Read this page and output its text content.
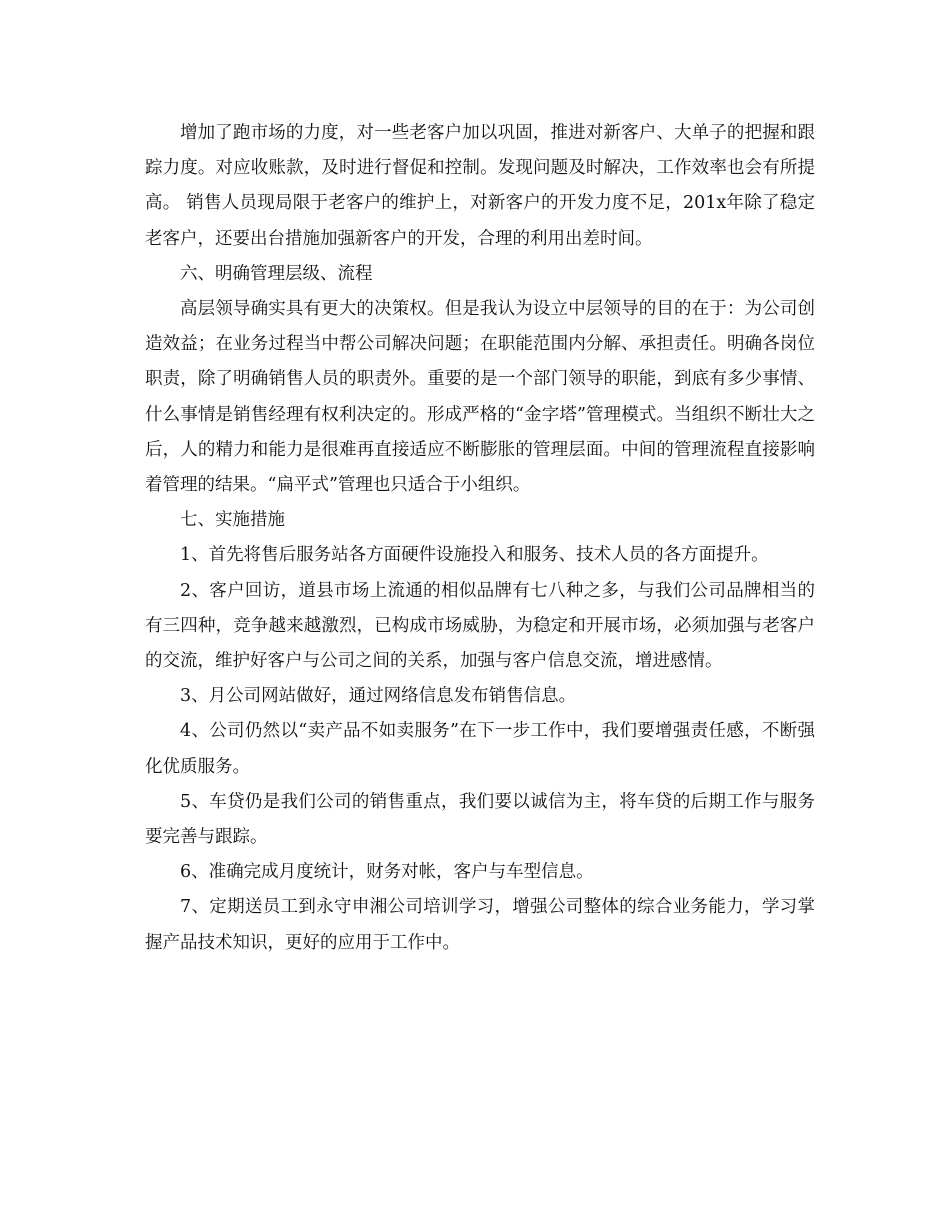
增加了跑市场的力度，对一些老客户加以巩固，推进对新客户、大单子的把握和跟踪力度。对应收账款，及时进行督促和控制。发现问题及时解决，工作效率也会有所提高。 销售人员现局限于老客户的维护上，对新客户的开发力度不足，201x年除了稳定老客户，还要出台措施加强新客户的开发，合理的利用出差时间。

六、明确管理层级、流程

高层领导确实具有更大的决策权。但是我认为设立中层领导的目的在于：为公司创造效益；在业务过程当中帮公司解决问题；在职能范围内分解、承担责任。明确各岗位职责，除了明确销售人员的职责外。重要的是一个部门领导的职能，到底有多少事情、什么事情是销售经理有权利决定的。形成严格的“金字塔”管理模式。当组织不断壮大之后，人的精力和能力是很难再直接适应不断膨胀的管理层面。中间的管理流程直接影响着管理的结果。“扁平式”管理也只适合于小组织。

七、实施措施

1、首先将售后服务站各方面硬件设施投入和服务、技术人员的各方面提升。

2、客户回访，道县市场上流通的相似品牌有七八种之多，与我们公司品牌相当的有三四种，竞争越来越激烈，已构成市场威胁，为稳定和开展市场，必须加强与老客户的交流，维护好客户与公司之间的关系，加强与客户信息交流，增进感情。

3、月公司网站做好，通过网络信息发布销售信息。

4、公司仍然以“卖产品不如卖服务”在下一步工作中，我们要增强责任感，不断强化优质服务。

5、车贷仍是我们公司的销售重点，我们要以诚信为主，将车贷的后期工作与服务要完善与跟踪。

6、准确完成月度统计，财务对帐，客户与车型信息。

7、定期送员工到永守申湘公司培训学习，增强公司整体的综合业务能力，学习掌握产品技术知识，更好的应用于工作中。
